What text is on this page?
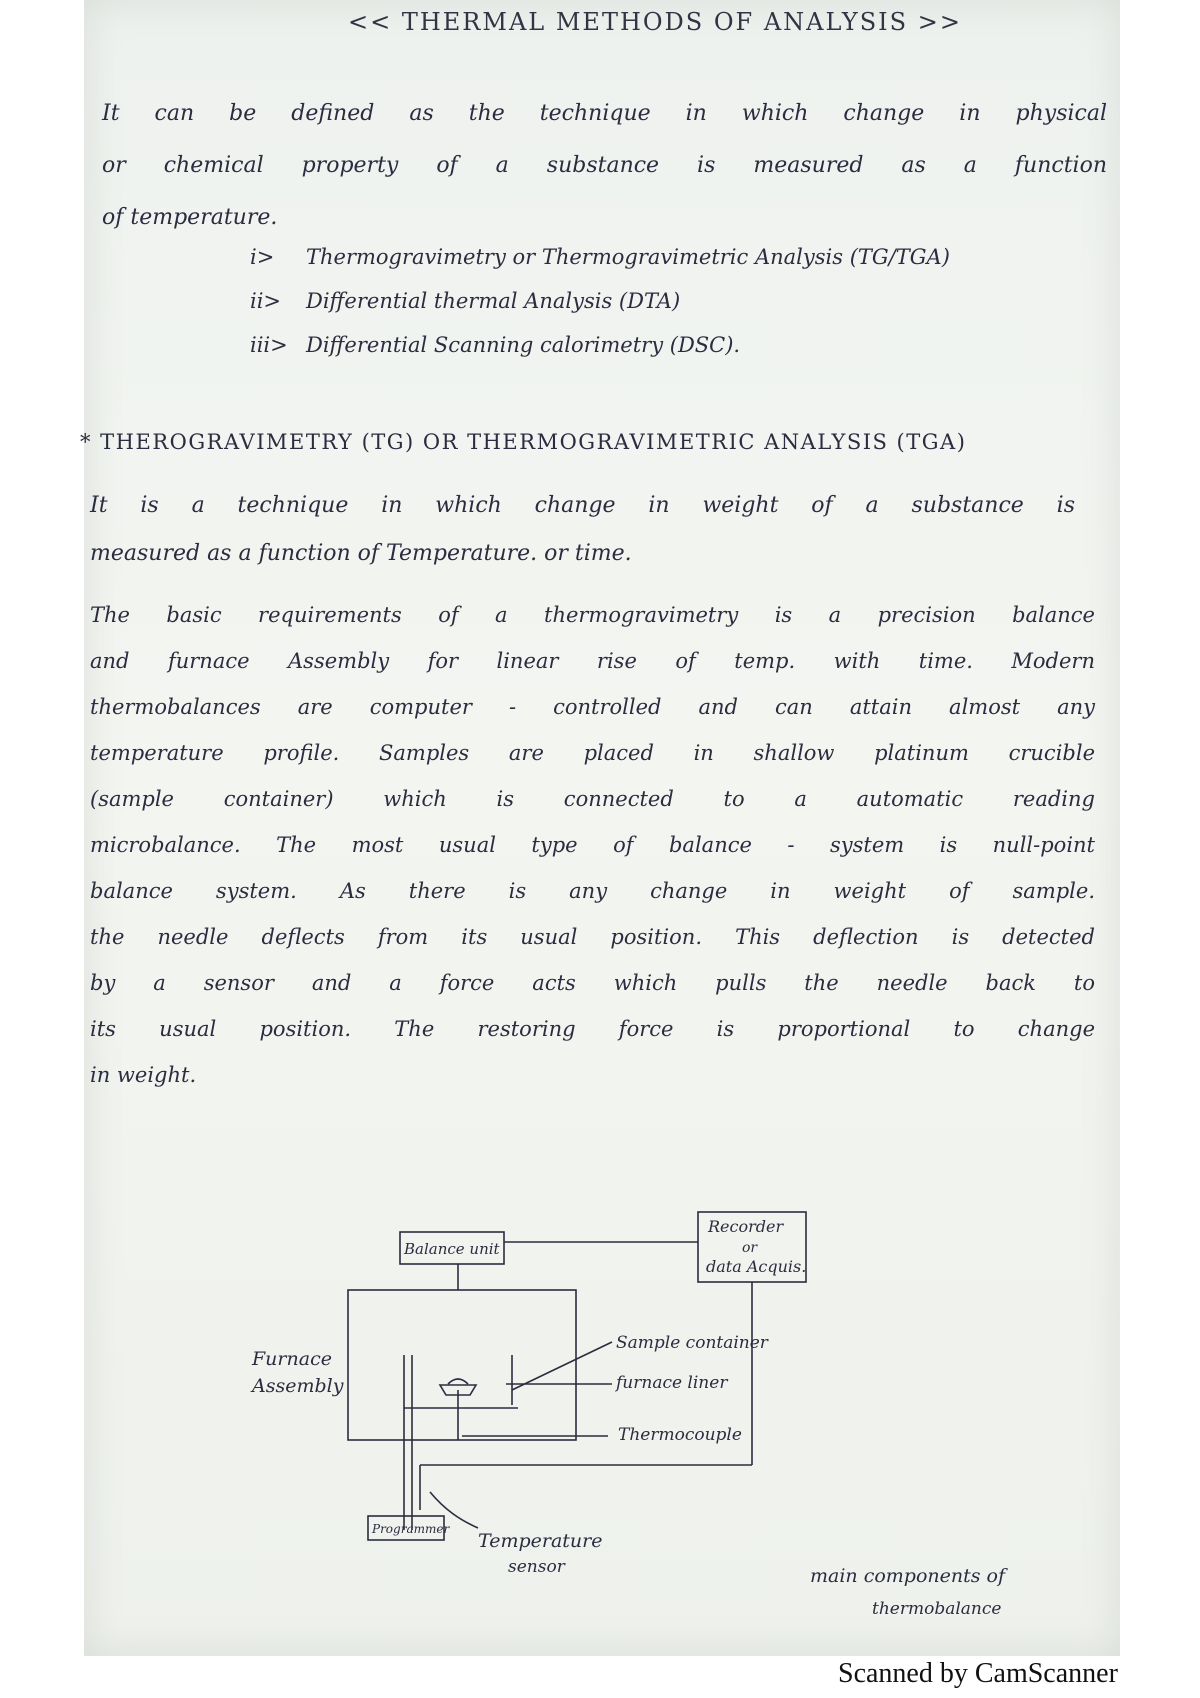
<< THERMAL METHODS OF ANALYSIS >>
It can be defined as the technique in which change in physical
or chemical property of a substance is measured as a function
of temperature.
i> Thermogravimetry or Thermogravimetric Analysis (TG/TGA)
ii> Differential thermal Analysis (DTA)
iii> Differential Scanning calorimetry (DSC).
* THEROGRAVIMETRY (TG) OR THERMOGRAVIMETRIC ANALYSIS (TGA)
It is a technique in which change in weight of a substance is
measured as a function of Temperature. or time.
The basic requirements of a thermogravimetry is a precision balance
and furnace Assembly for linear rise of temp. with time. Modern
thermobalances are computer - controlled and can attain almost any
temperature profile. Samples are placed in shallow platinum crucible
(sample container) which is connected to a automatic reading
microbalance. The most usual type of balance - system is null-point
balance system. As there is any change in weight of sample.
the needle deflects from its usual position. This deflection is detected
by a sensor and a force acts which pulls the needle back to
its usual position. The restoring force is proportional to change
in weight.
Balance unit
Recorder
or
data Acquis.
Furnace
Assembly
Sample container
furnace liner
Thermocouple
Programmer
Temperature
sensor	main components of
thermobalance
Scanned by CamScanner
